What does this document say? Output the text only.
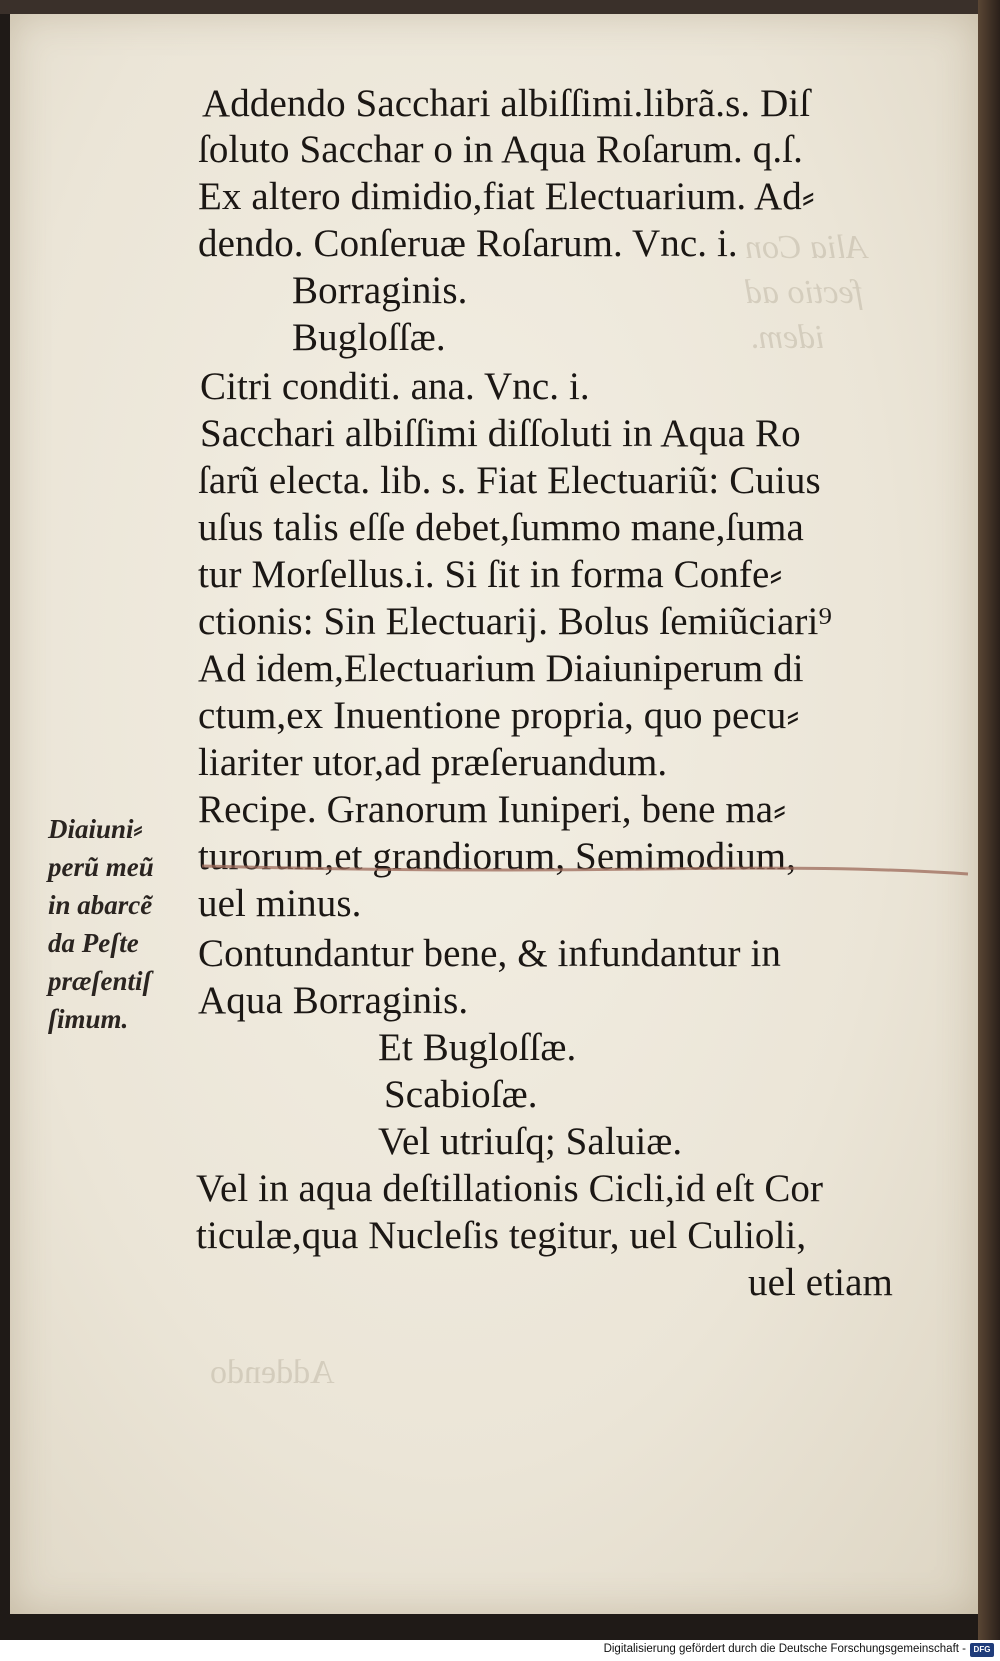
Alia Con
fectio ad
idem.
Addendo
Addendo Sacchari albiſſimi.librã.s. Diſ
ſoluto Sacchar o in Aqua Roſarum. q.ſ.
Ex altero dimidio,fiat Electuarium. Ad⸗
dendo. Conſeruæ Roſarum. Vnc. i.
Borraginis.
Bugloſſæ.
Citri conditi. ana. Vnc. i.
Sacchari albiſſimi diſſoluti in Aqua Ro
ſarũ electa. lib. s. Fiat Electuariũ: Cuius
uſus talis eſſe debet,ſummo mane,ſuma
tur Morſellus.i. Si ſit in forma Confe⸗
ctionis: Sin Electuarij. Bolus ſemiũciari⁹
Ad idem,Electuarium Diaiuniperum di
ctum,ex Inuentione propria, quo pecu⸗
liariter utor,ad præſeruandum.
Recipe. Granorum Iuniperi, bene ma⸗
turorum,et grandiorum, Semimodium,
uel minus.
Contundantur bene, & infundantur in
Aqua Borraginis.
Et Bugloſſæ.
Scabioſæ.
Vel utriuſq; Saluiæ.
Vel in aqua deſtillationis Cicli,id eſt Cor
ticulæ,qua Nucleſis tegitur, uel Culioli,
uel etiam
Diaiuni⸗
perũ meũ
in abarcẽ
da Peſte
præſentiſ
ſimum.
Digitalisierung gefördert durch die Deutsche Forschungsgemeinschaft - DFG
